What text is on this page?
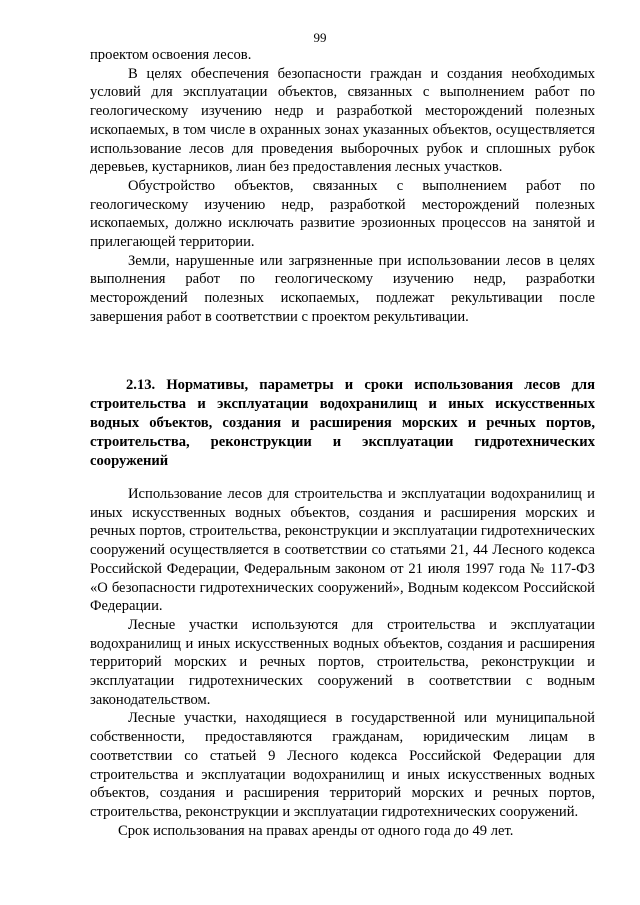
99

проектом освоения лесов.

В целях обеспечения безопасности граждан и создания необходимых условий для эксплуатации объектов, связанных с выполнением работ по геологическому изучению недр и разработкой месторождений полезных ископаемых, в том числе в охранных зонах указанных объектов, осуществляется использование лесов для проведения выборочных рубок и сплошных рубок деревьев, кустарников, лиан без предоставления лесных участков.

Обустройство объектов, связанных с выполнением работ по геологическому изучению недр, разработкой месторождений полезных ископаемых, должно исключать развитие эрозионных процессов на занятой и прилегающей территории.

Земли, нарушенные или загрязненные при использовании лесов в целях выполнения работ по геологическому изучению недр, разработки месторождений полезных ископаемых, подлежат рекультивации после завершения работ в соответствии с проектом рекультивации.

2.13. Нормативы, параметры и сроки использования лесов для строительства и эксплуатации водохранилищ и иных искусственных водных объектов, создания и расширения морских и речных портов, строительства, реконструкции и эксплуатации гидротехнических сооружений

Использование лесов для строительства и эксплуатации водохранилищ и иных искусственных водных объектов, создания и расширения морских и речных портов, строительства, реконструкции и эксплуатации гидротехнических сооружений осуществляется в соответствии со статьями 21, 44 Лесного кодекса Российской Федерации, Федеральным законом от 21 июля 1997 года № 117-ФЗ «О безопасности гидротехнических сооружений», Водным кодексом Российской Федерации.

Лесные участки используются для строительства и эксплуатации водохранилищ и иных искусственных водных объектов, создания и расширения территорий морских и речных портов, строительства, реконструкции и эксплуатации гидротехнических сооружений в соответствии с водным законодательством.

Лесные участки, находящиеся в государственной или муниципальной собственности, предоставляются гражданам, юридическим лицам в соответствии со статьей 9 Лесного кодекса Российской Федерации для строительства и эксплуатации водохранилищ и иных искусственных водных объектов, создания и расширения территорий морских и речных портов, строительства, реконструкции и эксплуатации гидротехнических сооружений.

Срок использования на правах аренды от одного года до 49 лет.
